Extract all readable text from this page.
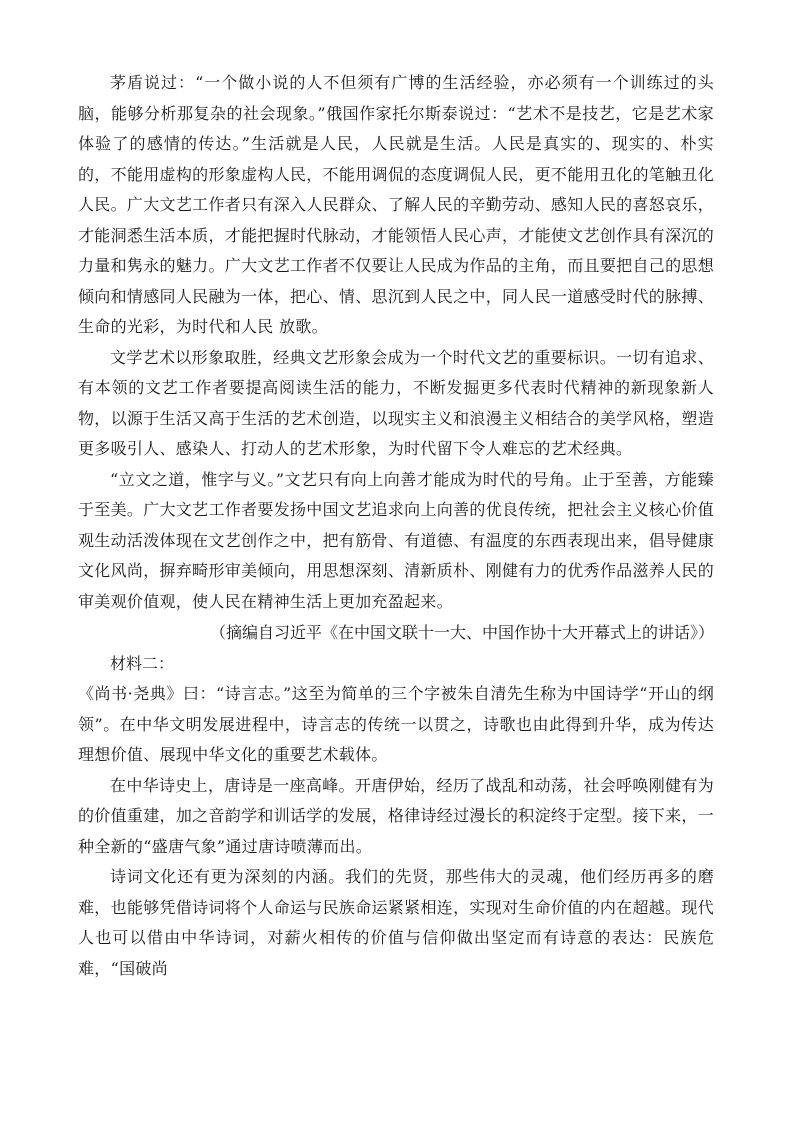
茅盾说过：“一个做小说的人不但须有广博的生活经验，亦必须有一个训练过的头脑，能够分析那复杂的社会现象。”俄国作家托尔斯泰说过：“艺术不是技艺，它是艺术家体验了的感情的传达。”生活就是人民，人民就是生活。人民是真实的、现实的、朴实的，不能用虚构的形象虚构人民，不能用调侃的态度调侃人民，更不能用丑化的笔触丑化人民。广大文艺工作者只有深入人民群众、了解人民的辛勤劳动、感知人民的喜怒哀乐，才能洞悉生活本质，才能把握时代脉动，才能领悟人民心声，才能使文艺创作具有深沉的力量和隽永的魅力。广大文艺工作者不仅要让人民成为作品的主角，而且要把自己的思想倾向和情感同人民融为一体，把心、情、思沉到人民之中，同人民一道感受时代的脉搏、生命的光彩，为时代和人民 放歌。

文学艺术以形象取胜，经典文艺形象会成为一个时代文艺的重要标识。一切有追求、有本领的文艺工作者要提高阅读生活的能力，不断发掘更多代表时代精神的新现象新人物，以源于生活又高于生活的艺术创造，以现实主义和浪漫主义相结合的美学风格，塑造更多吸引人、感染人、打动人的艺术形象，为时代留下令人难忘的艺术经典。

“立文之道，惟字与义。”文艺只有向上向善才能成为时代的号角。止于至善，方能臻于至美。广大文艺工作者要发扬中国文艺追求向上向善的优良传统，把社会主义核心价值观生动活泼体现在文艺创作之中，把有筋骨、有道德、有温度的东西表现出来，倡导健康文化风尚，摒弃畸形审美倾向，用思想深刻、清新质朴、刚健有力的优秀作品滋养人民的审美观价值观，使人民在精神生活上更加充盈起来。

（摘编自习近平《在中国文联十一大、中国作协十大开幕式上的讲话》）

材料二：

《尚书·尧典》曰：“诗言志。”这至为简单的三个字被朱自清先生称为中国诗学“开山的纲领”。在中华文明发展进程中，诗言志的传统一以贯之，诗歌也由此得到升华，成为传达理想价值、展现中华文化的重要艺术载体。

在中华诗史上，唐诗是一座高峰。开唐伊始，经历了战乱和动荡，社会呼唤刚健有为的价值重建，加之音韵学和训话学的发展，格律诗经过漫长的积淀终于定型。接下来，一种全新的“盛唐气象”通过唐诗喷薄而出。

诗词文化还有更为深刻的内涵。我们的先贤，那些伟大的灵魂，他们经历再多的磨难，也能够凭借诗词将个人命运与民族命运紧紧相连，实现对生命价值的内在超越。现代人也可以借由中华诗词，对薪火相传的价值与信仰做出坚定而有诗意的表达：民族危难，“国破尚
